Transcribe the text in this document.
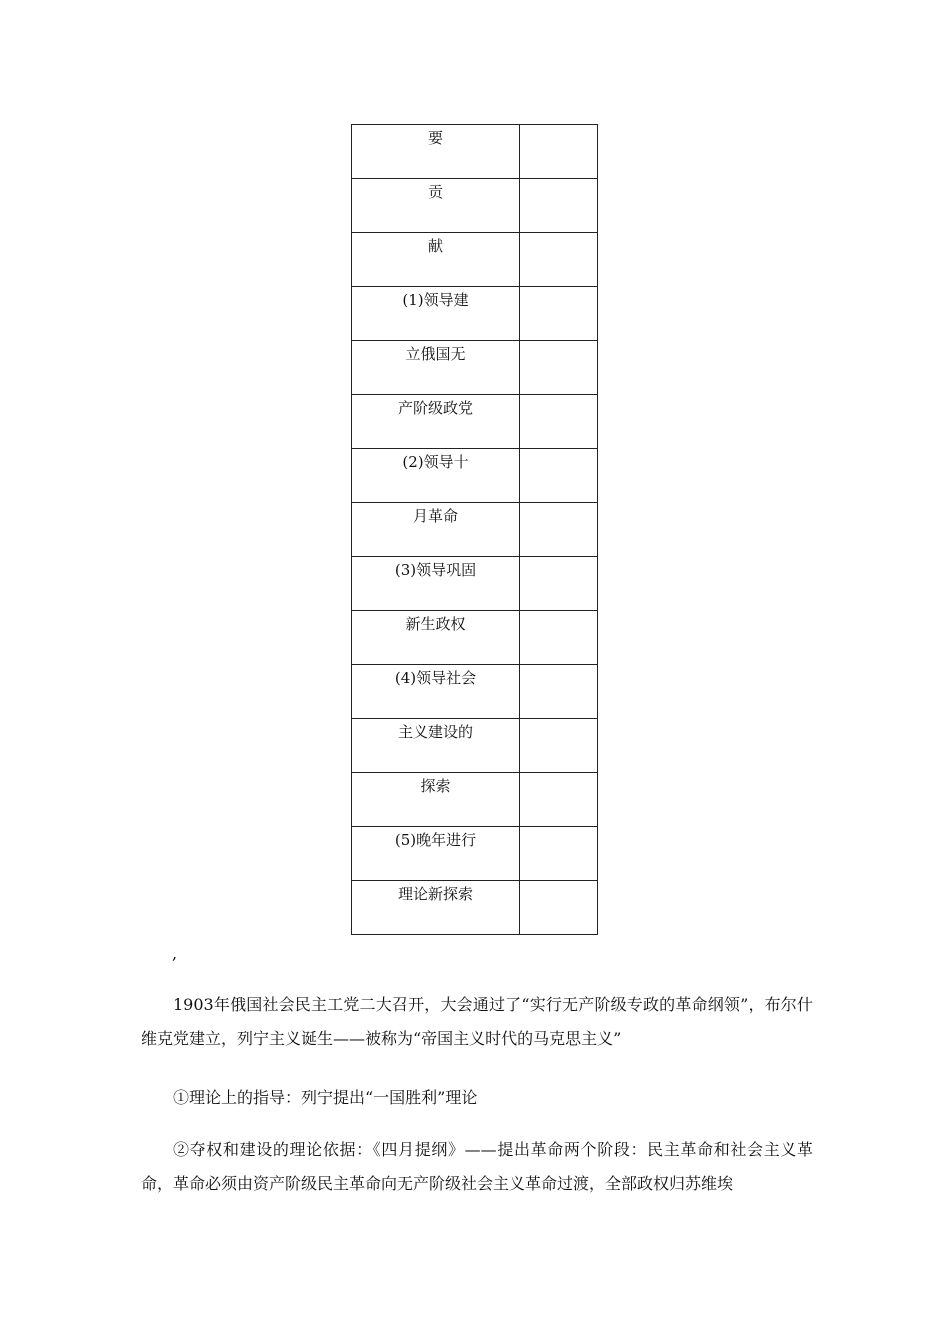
要	

贡	

献	

(1)领导建	

立俄国无	

产阶级政党	

(2)领导十	

月革命	

(3)领导巩固	

新生政权	

(4)领导社会	

主义建设的	

探索	

(5)晚年进行	

理论新探索	

,

1903年俄国社会民主工党二大召开，大会通过了“实行无产阶级专政的革命纲领”，布尔什维克党建立，列宁主义诞生——被称为“帝国主义时代的马克思主义”

①理论上的指导：列宁提出“一国胜利”理论

②夺权和建设的理论依据：《四月提纲》——提出革命两个阶段：民主革命和社会主义革命，革命必须由资产阶级民主革命向无产阶级社会主义革命过渡，全部政权归苏维埃
